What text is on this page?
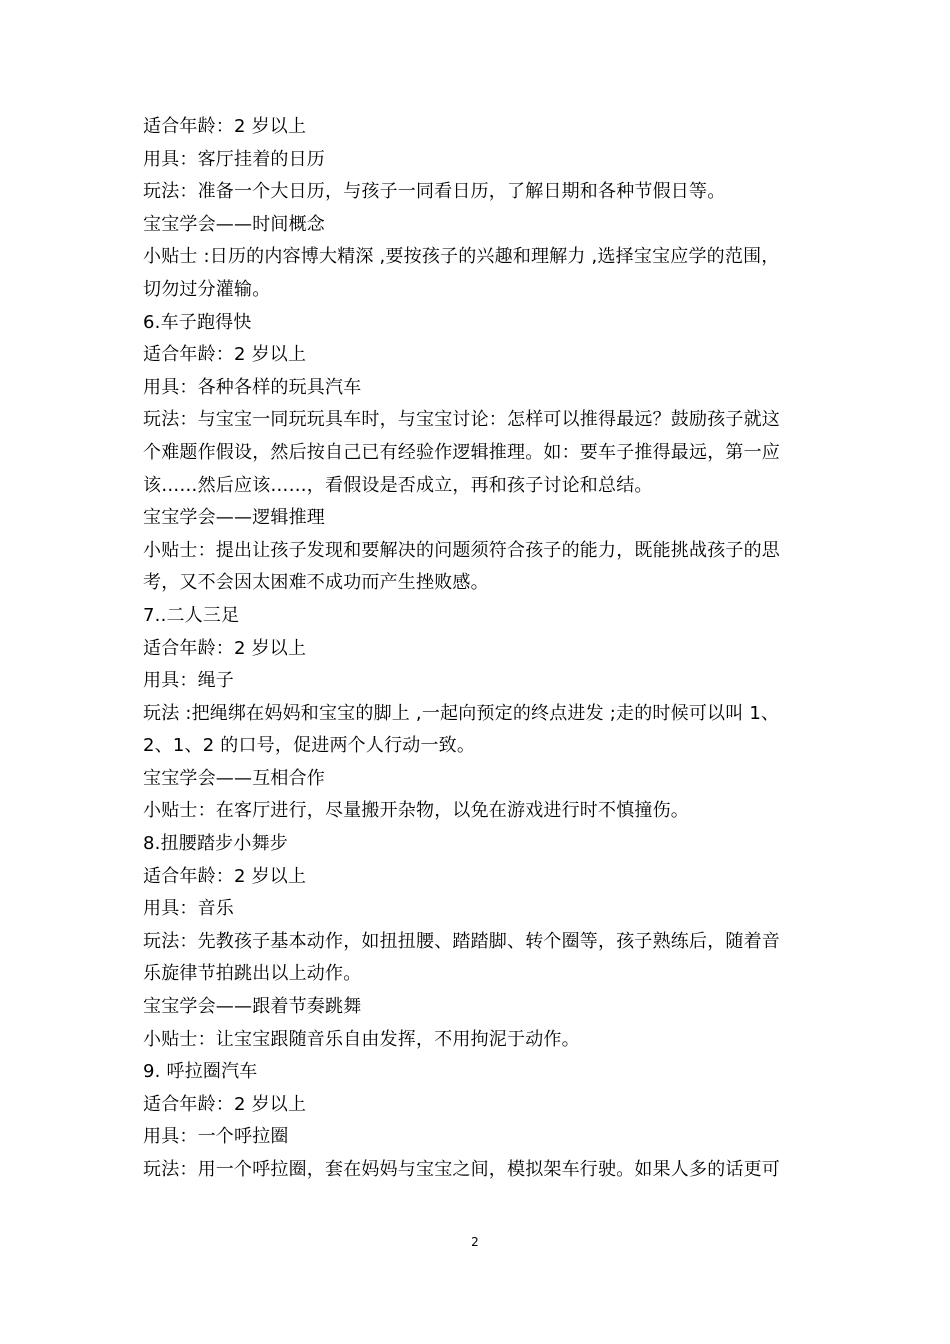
适合年龄：2 岁以上
用具：客厅挂着的日历
玩法：准备一个大日历，与孩子一同看日历，了解日期和各种节假日等。
宝宝学会——时间概念
小贴士 :日历的内容博大精深 ,要按孩子的兴趣和理解力 ,选择宝宝应学的范围，
切勿过分灌输。
6.车子跑得快
适合年龄：2 岁以上
用具：各种各样的玩具汽车
玩法：与宝宝一同玩玩具车时，与宝宝讨论：怎样可以推得最远？鼓励孩子就这
个难题作假设，然后按自己已有经验作逻辑推理。如：要车子推得最远，第一应
该……然后应该……，看假设是否成立，再和孩子讨论和总结。
宝宝学会——逻辑推理
小贴士：提出让孩子发现和要解决的问题须符合孩子的能力，既能挑战孩子的思
考，又不会因太困难不成功而产生挫败感。
7..二人三足
适合年龄：2 岁以上
用具：绳子
玩法 :把绳绑在妈妈和宝宝的脚上 ,一起向预定的终点进发 ;走的时候可以叫 1、
2、1、2 的口号，促进两个人行动一致。
宝宝学会——互相合作
小贴士：在客厅进行，尽量搬开杂物，以免在游戏进行时不慎撞伤。
8.扭腰踏步小舞步
适合年龄：2 岁以上
用具：音乐
玩法：先教孩子基本动作，如扭扭腰、踏踏脚、转个圈等，孩子熟练后，随着音
乐旋律节拍跳出以上动作。
宝宝学会——跟着节奏跳舞
小贴士：让宝宝跟随音乐自由发挥，不用拘泥于动作。
9. 呼拉圈汽车
适合年龄：2 岁以上
用具：一个呼拉圈
玩法：用一个呼拉圈，套在妈妈与宝宝之间，模拟架车行驶。如果人多的话更可
2
